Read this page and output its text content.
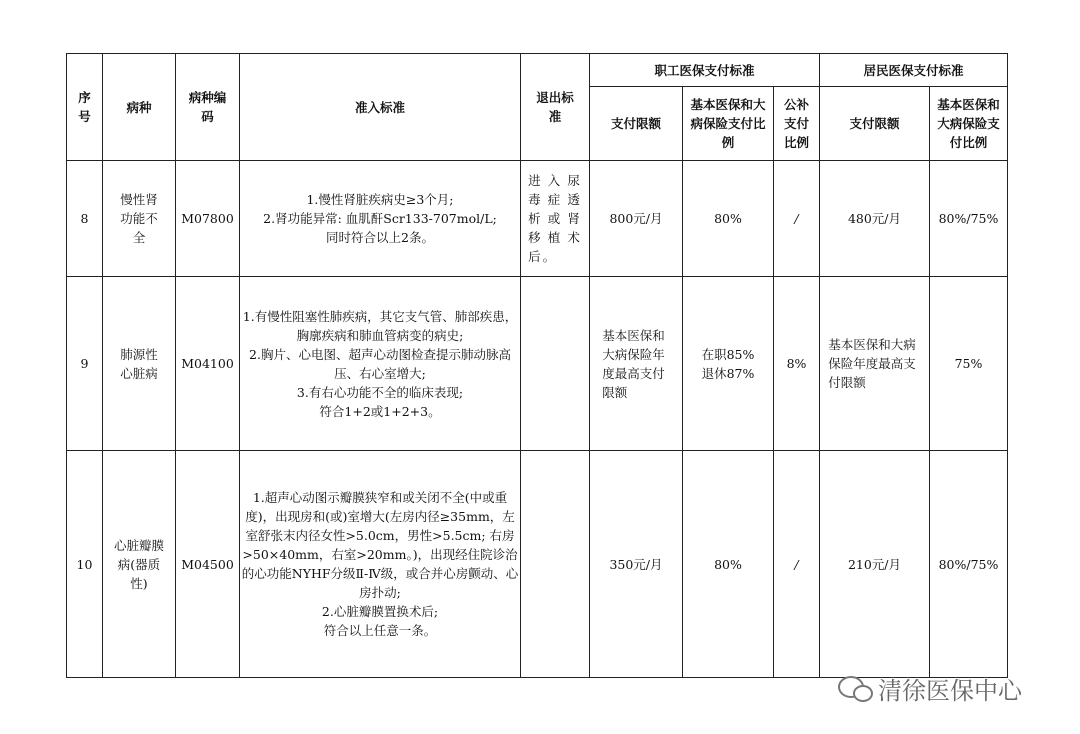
序号	病种	病种编码	准入标准	退出标准	职工医保支付标准			居民医保支付标准	

					支付限额	基本医保和大病保险支付比例	公补支付比例	支付限额	基本医保和大病保险支付比例

8	慢性肾功能不全	M07800	1.慢性肾脏疾病史≥3个月;
2.肾功能异常: 血肌酐Scr133-707mol/L;
同时符合以上2条。	进入尿毒症透析或肾移植术后。	800元/月	80%	/	480元/月	80%/75%
9	肺源性心脏病	M04100	1.有慢性阻塞性肺疾病，其它支气管、肺部疾患，胸廓疾病和肺血管病变的病史;
2.胸片、心电图、超声心动图检查提示肺动脉高压、右心室增大;
3.有右心功能不全的临床表现;
符合1+2或1+2+3。		基本医保和大病保险年度最高支付限额	在职85%
退休87%	8%	基本医保和大病保险年度最高支付限额	75%
10	心脏瓣膜病(器质性)	M04500	1.超声心动图示瓣膜狭窄和或关闭不全(中或重度)，出现房和(或)室增大(左房内径≥35mm，左室舒张末内径女性>5.0cm，男性>5.5cm; 右房>50×40mm，右室>20mm。)，出现经住院诊治的心功能NYHF分级Ⅱ-Ⅳ级，或合并心房颤动、心房扑动;
2.心脏瓣膜置换术后;
符合以上任意一条。		350元/月	80%	/	210元/月	80%/75%
清徐医保中心
